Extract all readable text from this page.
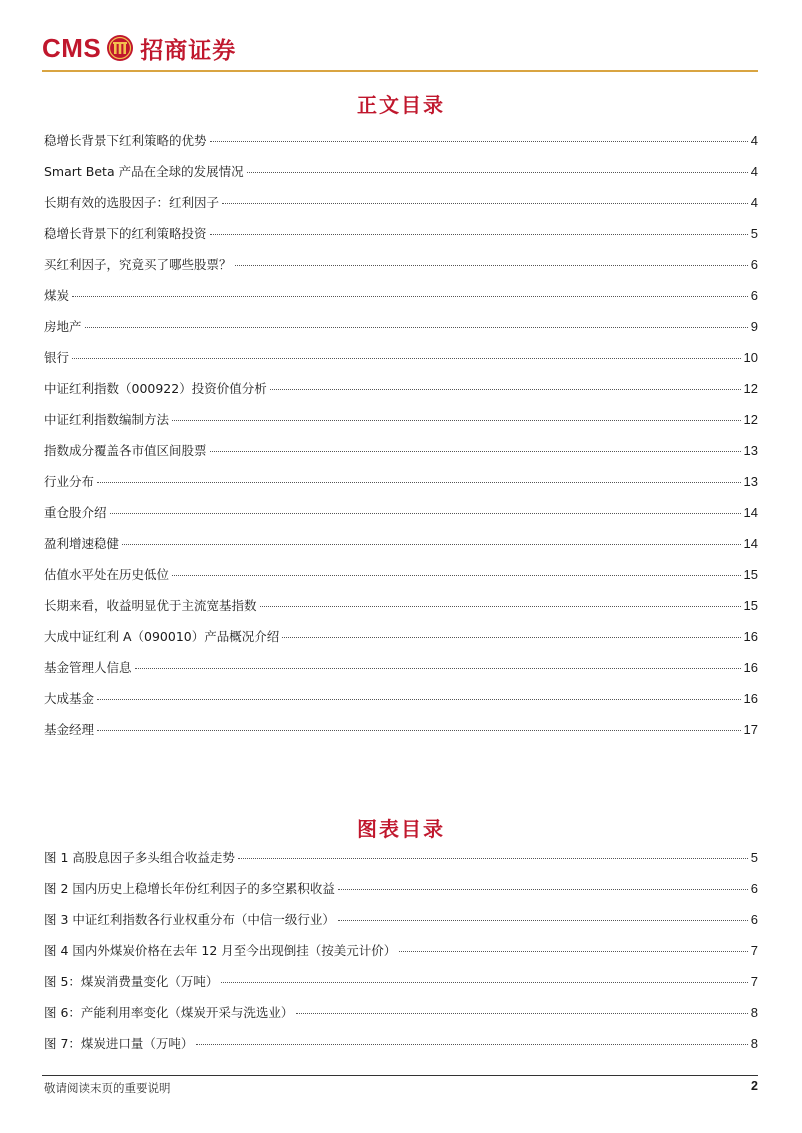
CMS 招商证券
正文目录
稳增长背景下红利策略的优势	4
Smart Beta 产品在全球的发展情况	4
长期有效的选股因子：红利因子	4
稳增长背景下的红利策略投资	5
买红利因子，究竟买了哪些股票？	6
煤炭	6
房地产	9
银行	10
中证红利指数（000922）投资价值分析	12
中证红利指数编制方法	12
指数成分覆盖各市值区间股票	13
行业分布	13
重仓股介绍	14
盈利增速稳健	14
估值水平处在历史低位	15
长期来看，收益明显优于主流宽基指数	15
大成中证红利 A（090010）产品概况介绍	16
基金管理人信息	16
大成基金	16
基金经理	17
图表目录
图 1 高股息因子多头组合收益走势	5
图 2 国内历史上稳增长年份红利因子的多空累积收益	6
图 3 中证红利指数各行业权重分布（中信一级行业）	6
图 4 国内外煤炭价格在去年 12 月至今出现倒挂（按美元计价）	7
图 5：煤炭消费量变化（万吨）	7
图 6：产能利用率变化（煤炭开采与洗选业）	8
图 7：煤炭进口量（万吨）	8
敬请阅读末页的重要说明	2
